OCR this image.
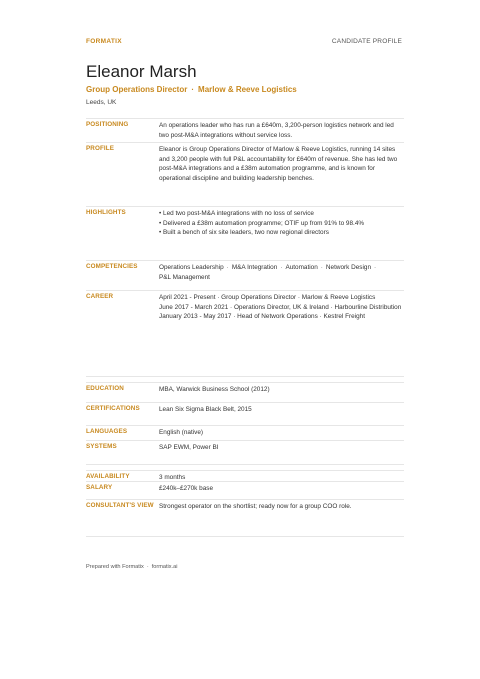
FORMATIX	CANDIDATE PROFILE
Eleanor Marsh
Group Operations Director · Marlow & Reeve Logistics
Leeds, UK
POSITIONING	An operations leader who has run a £640m, 3,200-person logistics network and led two post-M&A integrations without service loss.
PROFILE	Eleanor is Group Operations Director of Marlow & Reeve Logistics, running 14 sites and 3,200 people with full P&L accountability for £640m of revenue. She has led two post-M&A integrations and a £38m automation programme, and is known for operational discipline and building leadership benches.
HIGHLIGHTS	• Led two post-M&A integrations with no loss of service
• Delivered a £38m automation programme; OTIF up from 91% to 98.4%
• Built a bench of six site leaders, two now regional directors
COMPETENCIES	Operations Leadership · M&A Integration · Automation · Network Design ·
P&L Management
CAREER	April 2021 - Present · Group Operations Director · Marlow & Reeve Logistics
June 2017 - March 2021 · Operations Director, UK & Ireland · Harbourline Distribution
January 2013 - May 2017 · Head of Network Operations · Kestrel Freight
EDUCATION	MBA, Warwick Business School (2012)
CERTIFICATIONS	Lean Six Sigma Black Belt, 2015
LANGUAGES	English (native)
SYSTEMS	SAP EWM, Power BI
AVAILABILITY	3 months
SALARY	£240k–£270k base
CONSULTANT'S VIEW Strongest operator on the shortlist; ready now for a group COO role.
Prepared with Formatix · formatix.ai
